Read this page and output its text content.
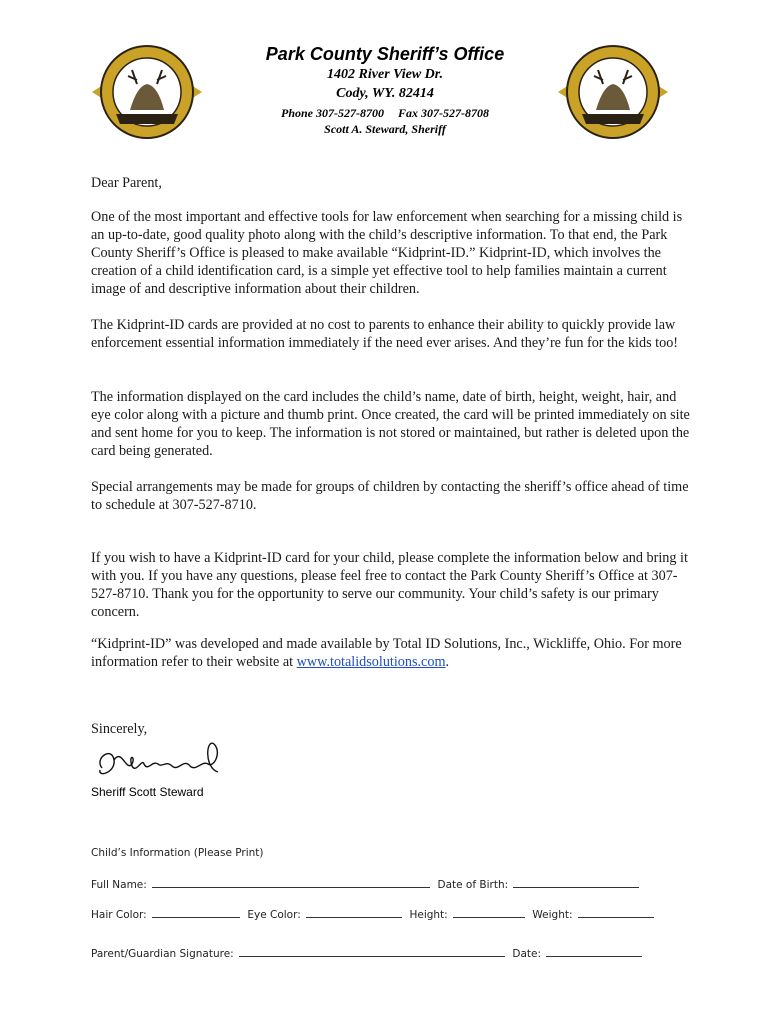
Park County Sheriff’s Office
1402 River View Dr.
Cody, WY. 82414
Phone 307-527-8700 Fax 307-527-8708
Scott A. Steward, Sheriff
Dear Parent,
One of the most important and effective tools for law enforcement when searching for a missing child is an up-to-date, good quality photo along with the child’s descriptive information. To that end, the Park County Sheriff’s Office is pleased to make available “Kidprint-ID.” Kidprint-ID, which involves the creation of a child identification card, is a simple yet effective tool to help families maintain a current image of and descriptive information about their children.
The Kidprint-ID cards are provided at no cost to parents to enhance their ability to quickly provide law enforcement essential information immediately if the need ever arises. And they’re fun for the kids too!
The information displayed on the card includes the child’s name, date of birth, height, weight, hair, and eye color along with a picture and thumb print. Once created, the card will be printed immediately on site and sent home for you to keep. The information is not stored or maintained, but rather is deleted upon the card being generated.
Special arrangements may be made for groups of children by contacting the sheriff’s office ahead of time to schedule at 307-527-8710.
If you wish to have a Kidprint-ID card for your child, please complete the information below and bring it with you. If you have any questions, please feel free to contact the Park County Sheriff’s Office at 307-527-8710. Thank you for the opportunity to serve our community. Your child’s safety is our primary concern.
“Kidprint-ID” was developed and made available by Total ID Solutions, Inc., Wickliffe, Ohio. For more information refer to their website at www.totalidsolutions.com.
Sincerely,
Sheriff Scott Steward
Child’s Information (Please Print)
Full Name:	Date of Birth:
Hair Color:	Eye Color:	Height:	Weight:
Parent/Guardian Signature:	Date:
